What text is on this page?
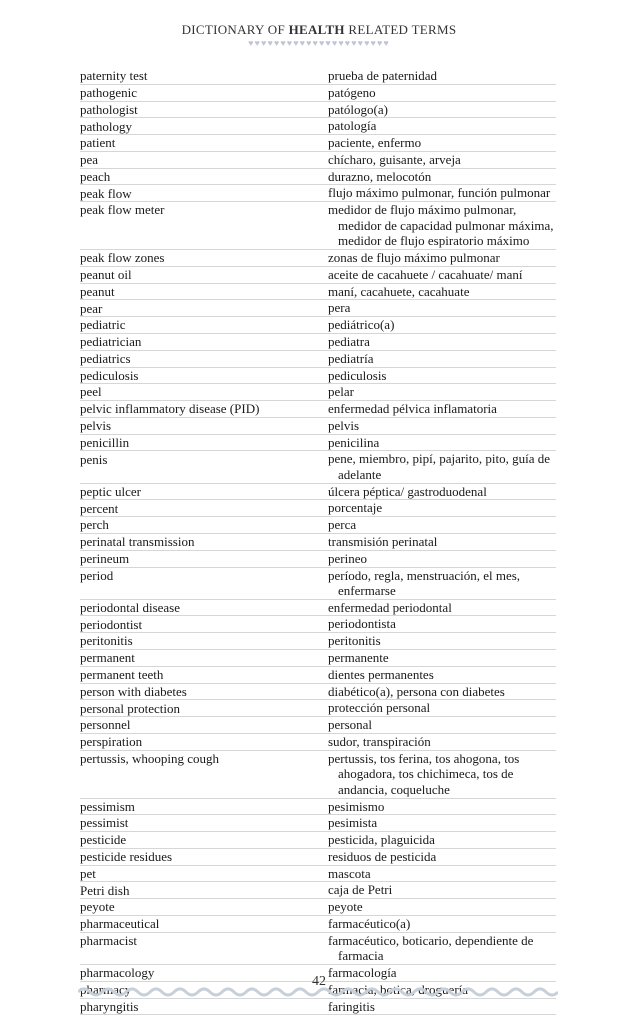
DICTIONARY OF HEALTH RELATED TERMS
♥♥♥♥♥♥♥♥♥♥♥♥♥♥♥♥♥♥♥♥♥♥
paternity test	prueba de paternidad
pathogenic	patógeno
pathologist	patólogo(a)
pathology	patología
patient	paciente, enfermo
pea	chícharo, guisante, arveja
peach	durazno, melocotón
peak flow	flujo máximo pulmonar, función pulmonar
peak flow meter	medidor de flujo máximo pulmonar,
medidor de capacidad pulmonar máxima,
medidor de flujo espiratorio máximo
peak flow zones	zonas de flujo máximo pulmonar
peanut oil	aceite de cacahuete / cacahuate/ maní
peanut	maní, cacahuete, cacahuate
pear	pera
pediatric	pediátrico(a)
pediatrician	pediatra
pediatrics	pediatría
pediculosis	pediculosis
peel	pelar
pelvic inflammatory disease (PID)	enfermedad pélvica inflamatoria
pelvis	pelvis
penicillin	penicilina
penis	pene, miembro, pipí, pajarito, pito, guía de
adelante
peptic ulcer	úlcera péptica/ gastroduodenal
percent	porcentaje
perch	perca
perinatal transmission	transmisión perinatal
perineum	perineo
period	período, regla, menstruación, el mes,
enfermarse
periodontal disease	enfermedad periodontal
periodontist	periodontista
peritonitis	peritonitis
permanent	permanente
permanent teeth	dientes permanentes
person with diabetes	diabético(a), persona con diabetes
personal protection	protección personal
personnel	personal
perspiration	sudor, transpiración
pertussis, whooping cough	pertussis, tos ferina, tos ahogona, tos
ahogadora, tos chichimeca, tos de
andancia, coqueluche
pessimism	pesimismo
pessimist	pesimista
pesticide	pesticida, plaguicida
pesticide residues	residuos de pesticida
pet	mascota
Petri dish	caja de Petri
peyote	peyote
pharmaceutical	farmacéutico(a)
pharmacist	farmacéutico, boticario, dependiente de
farmacia
pharmacology	farmacología
pharmacy	farmacia, botica, droguería
pharyngitis	faringitis
42
